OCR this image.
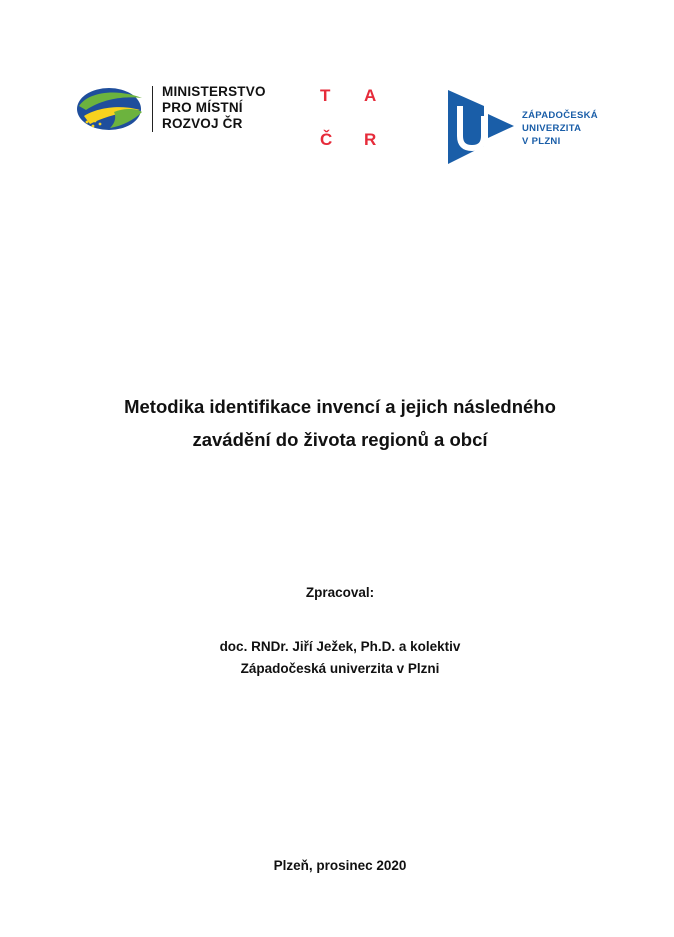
MINISTERSTVO
PRO MÍSTNÍ
ROZVOJ ČR
T A
Č R
ZÁPADOČESKÁ
UNIVERZITA
V PLZNI
Metodika identifikace invencí a jejich následného
zavádění do života regionů a obcí
Zpracoval:
doc. RNDr. Jiří Ježek, Ph.D. a kolektiv
Západočeská univerzita v Plzni
Plzeň, prosinec 2020
